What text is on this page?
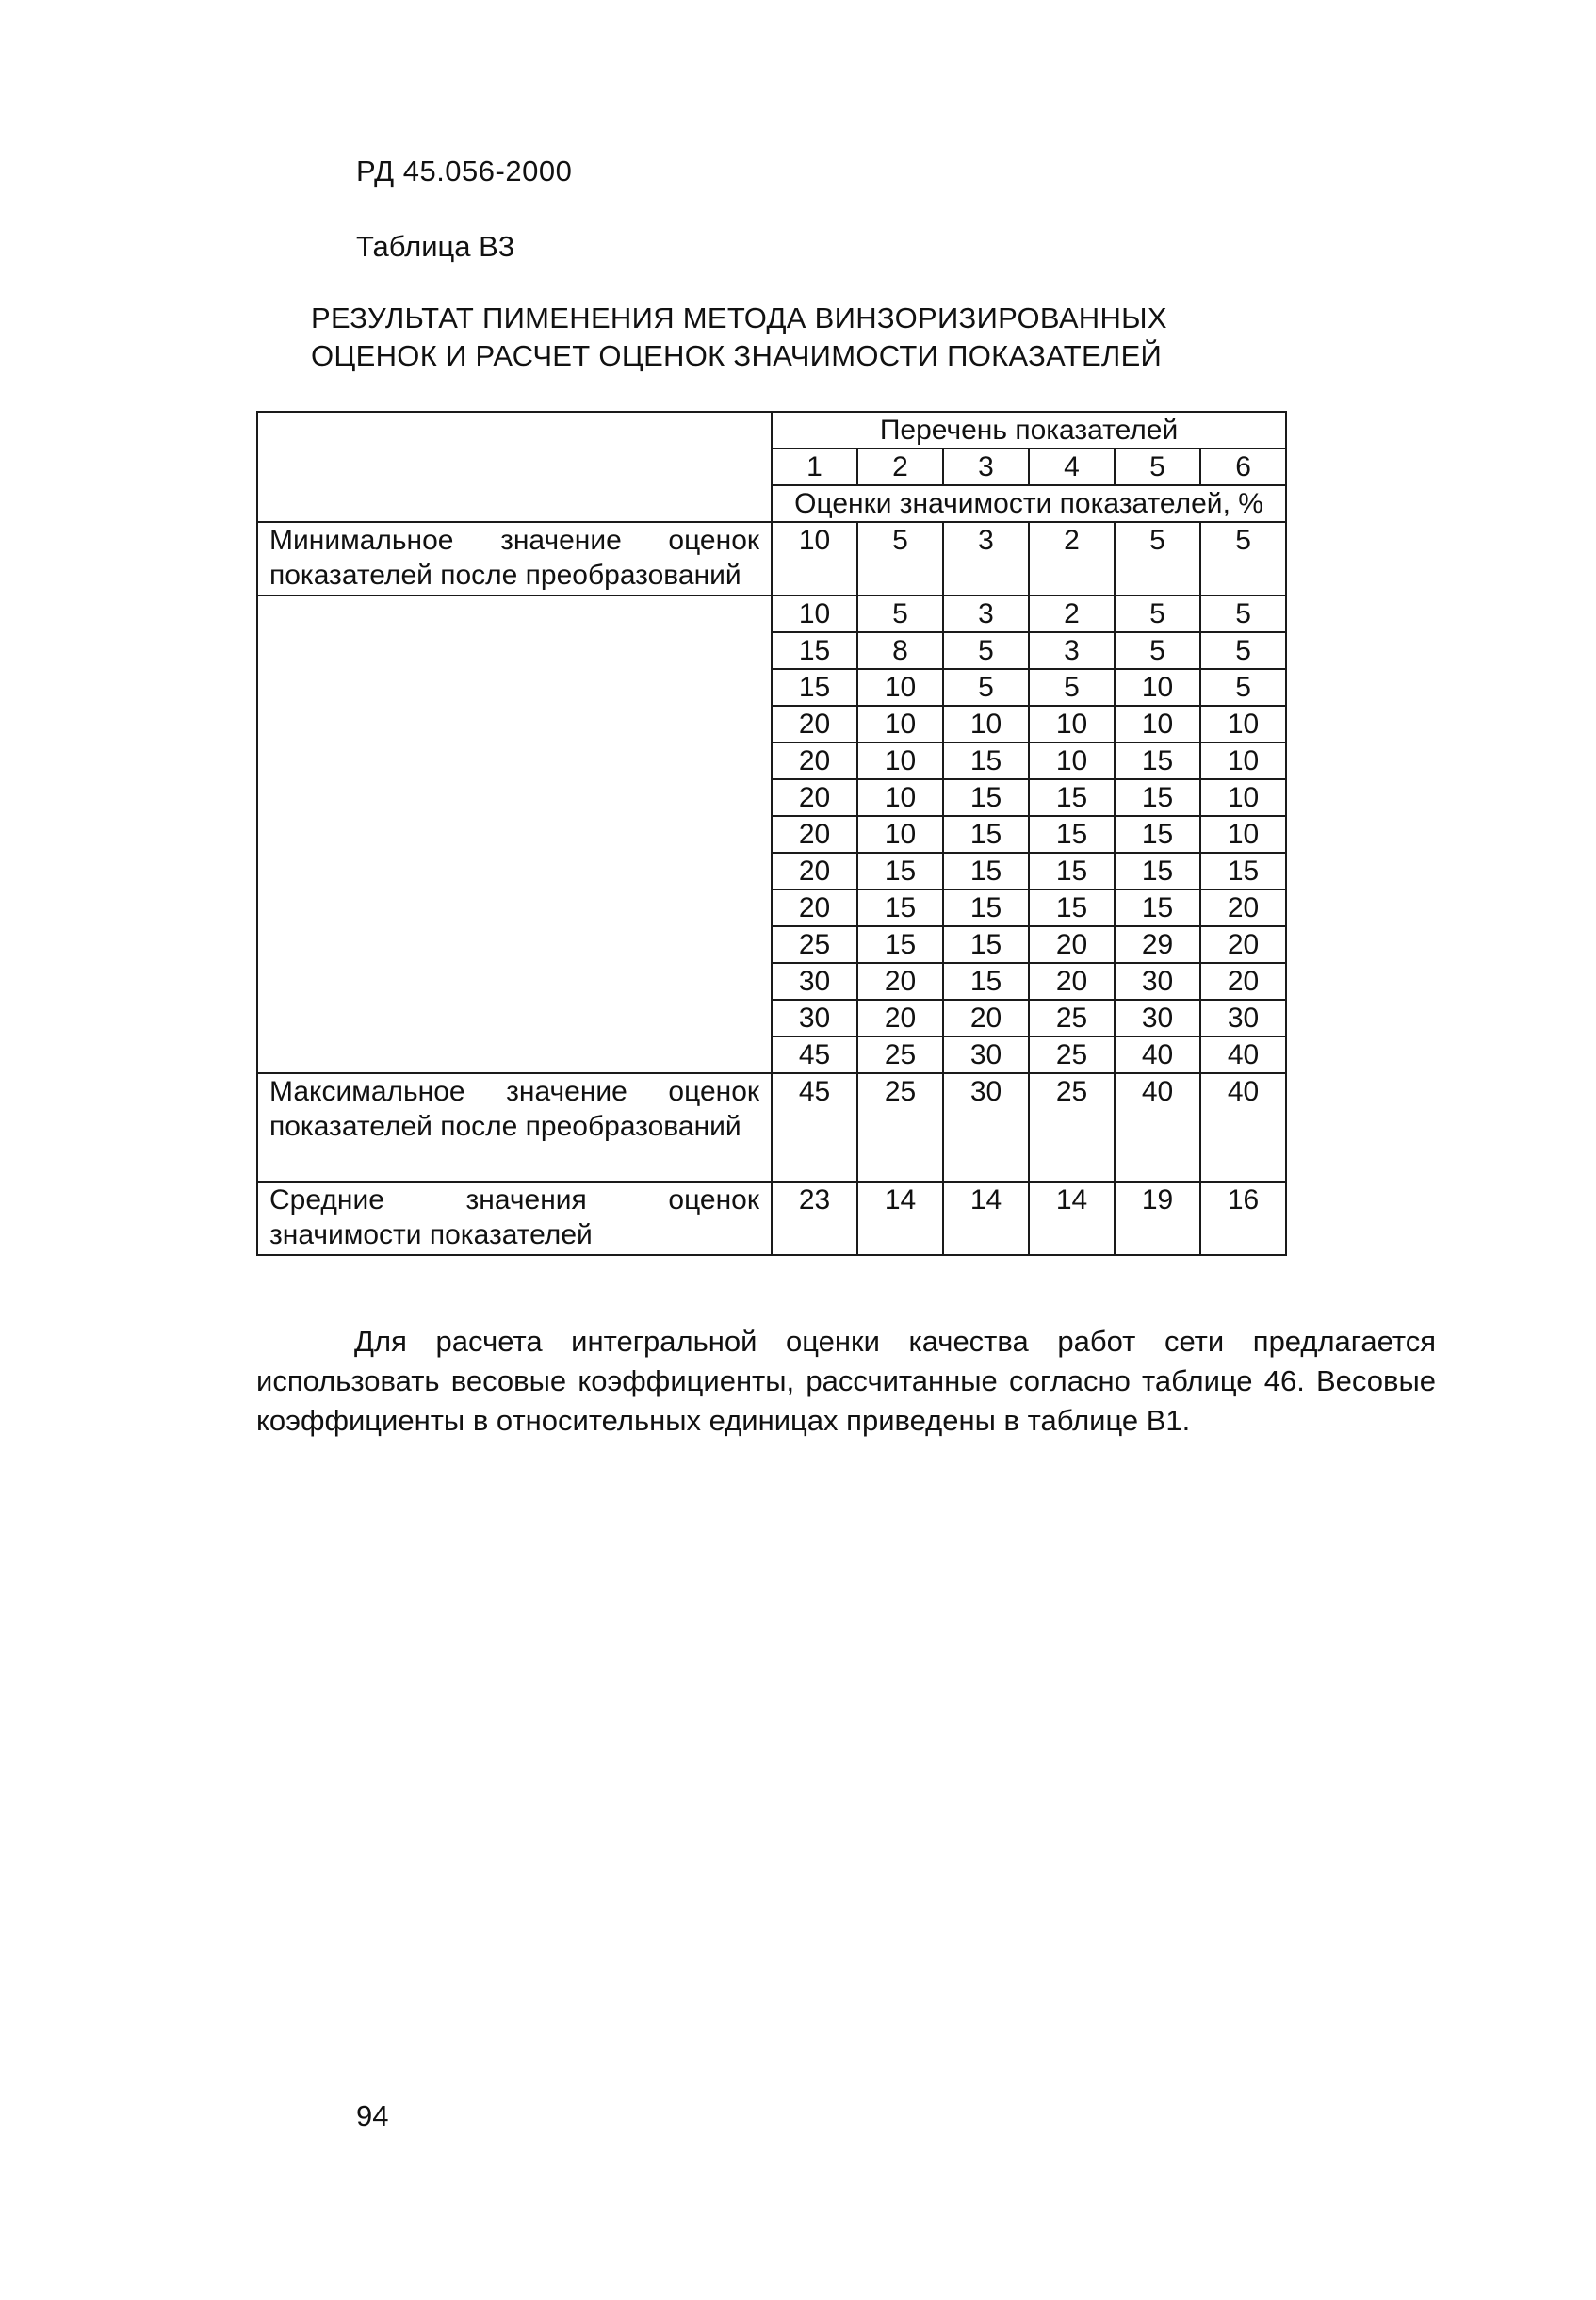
РД 45.056-2000
Таблица В3
РЕЗУЛЬТАТ ПИМЕНЕНИЯ МЕТОДА ВИНЗОРИЗИРОВАННЫХ
ОЦЕНОК И РАСЧЕТ ОЦЕНОК ЗНАЧИМОСТИ ПОКАЗАТЕЛЕЙ
	Перечень показателей					
	1	2	3	4	5	6
	Оценки значимости показателей, %					
Минимальное значение оценок показателей после преобразований	10	5	3	2	5	5
	10	5	3	2	5	5
	15	8	5	3	5	5
	15	10	5	5	10	5
	20	10	10	10	10	10
	20	10	15	10	15	10
	20	10	15	15	15	10
	20	10	15	15	15	10
	20	15	15	15	15	15
	20	15	15	15	15	20
	25	15	15	20	29	20
	30	20	15	20	30	20
	30	20	20	25	30	30
	45	25	30	25	40	40
Максимальное значение оценок показателей после преобразований	45	25	30	25	40	40
Средние значения оценок значимости показателей	23	14	14	14	19	16

Для расчета интегральной оценки качества работ сети предлагается использовать весовые коэффициенты, рассчитанные согласно таблице 46. Весовые коэффициенты в относительных единицах приведены в таблице В1.

94
